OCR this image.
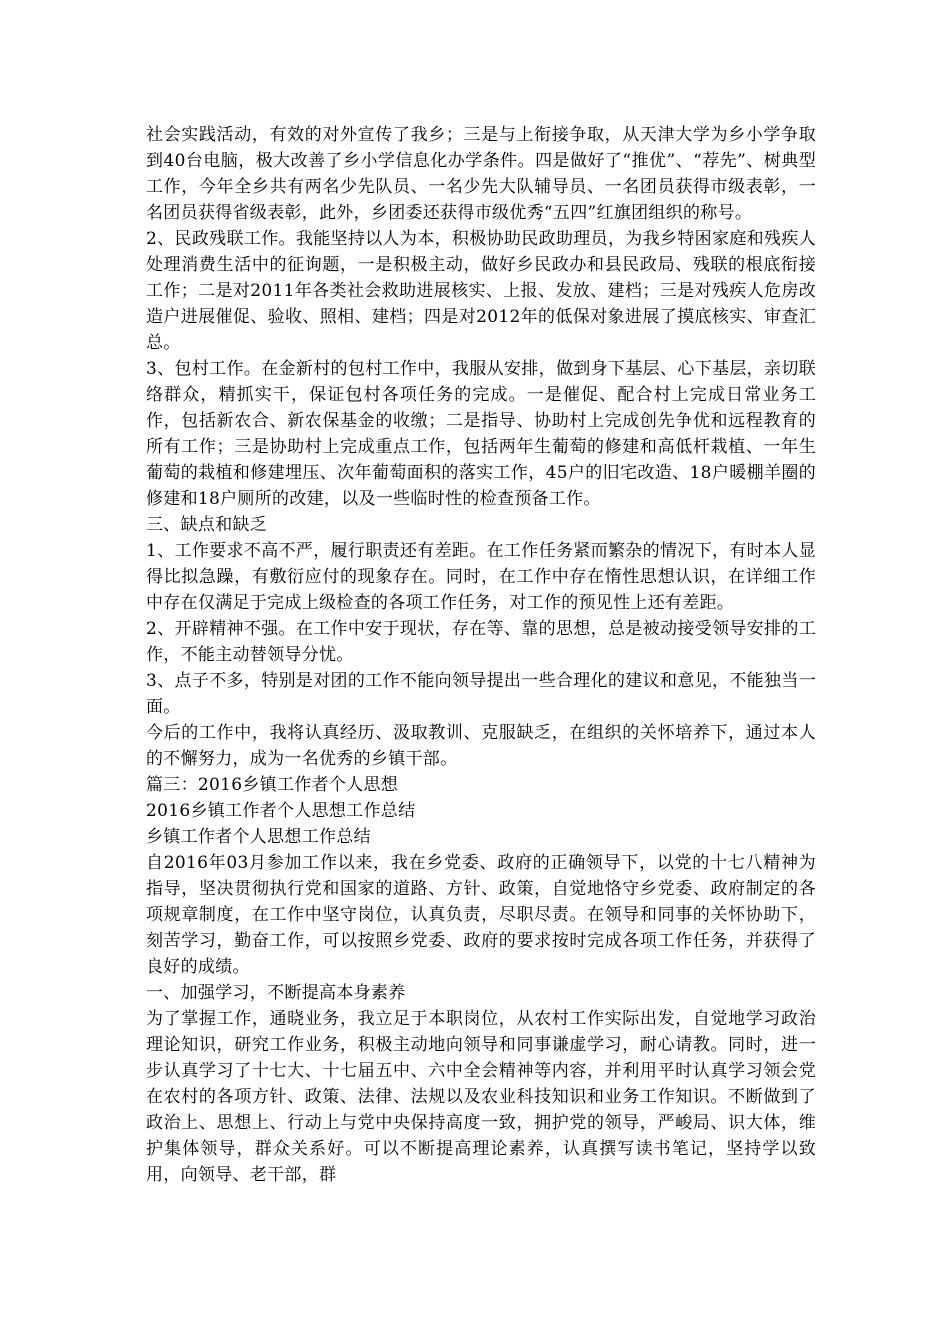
社会实践活动，有效的对外宣传了我乡；三是与上衔接争取，从天津大学为乡小学争取到40台电脑，极大改善了乡小学信息化办学条件。四是做好了“推优”、“荐先”、树典型工作，今年全乡共有两名少先队员、一名少先大队辅导员、一名团员获得市级表彰，一名团员获得省级表彰，此外，乡团委还获得市级优秀“五四”红旗团组织的称号。

2、民政残联工作。我能坚持以人为本，积极协助民政助理员，为我乡特困家庭和残疾人处理消费生活中的征询题，一是积极主动，做好乡民政办和县民政局、残联的根底衔接工作；二是对2011年各类社会救助进展核实、上报、发放、建档；三是对残疾人危房改造户进展催促、验收、照相、建档；四是对2012年的低保对象进展了摸底核实、审查汇总。

3、包村工作。在金新村的包村工作中，我服从安排，做到身下基层、心下基层，亲切联络群众，精抓实干，保证包村各项任务的完成。一是催促、配合村上完成日常业务工作，包括新农合、新农保基金的收缴；二是指导、协助村上完成创先争优和远程教育的所有工作；三是协助村上完成重点工作，包括两年生葡萄的修建和高低杆栽植、一年生葡萄的栽植和修建埋压、次年葡萄面积的落实工作，45户的旧宅改造、18户暖棚羊圈的修建和18户厕所的改建，以及一些临时性的检查预备工作。

三、缺点和缺乏

1、工作要求不高不严，履行职责还有差距。在工作任务紧而繁杂的情况下，有时本人显得比拟急躁，有敷衍应付的现象存在。同时，在工作中存在惰性思想认识，在详细工作中存在仅满足于完成上级检查的各项工作任务，对工作的预见性上还有差距。

2、开辟精神不强。在工作中安于现状，存在等、靠的思想，总是被动接受领导安排的工作，不能主动替领导分忧。

3、点子不多，特别是对团的工作不能向领导提出一些合理化的建议和意见，不能独当一面。

今后的工作中，我将认真经历、汲取教训、克服缺乏，在组织的关怀培养下，通过本人的不懈努力，成为一名优秀的乡镇干部。

篇三：2016乡镇工作者个人思想

2016乡镇工作者个人思想工作总结

乡镇工作者个人思想工作总结

自2016年03月参加工作以来，我在乡党委、政府的正确领导下，以党的十七八精神为指导，坚决贯彻执行党和国家的道路、方针、政策，自觉地恪守乡党委、政府制定的各项规章制度，在工作中坚守岗位，认真负责，尽职尽责。在领导和同事的关怀协助下，刻苦学习，勤奋工作，可以按照乡党委、政府的要求按时完成各项工作任务，并获得了良好的成绩。

一、加强学习，不断提高本身素养

为了掌握工作，通晓业务，我立足于本职岗位，从农村工作实际出发，自觉地学习政治理论知识，研究工作业务，积极主动地向领导和同事谦虚学习，耐心请教。同时，进一步认真学习了十七大、十七届五中、六中全会精神等内容，并利用平时认真学习领会党在农村的各项方针、政策、法律、法规以及农业科技知识和业务工作知识。不断做到了政治上、思想上、行动上与党中央保持高度一致，拥护党的领导，严峻局、识大体，维护集体领导，群众关系好。可以不断提高理论素养，认真撰写读书笔记，坚持学以致用，向领导、老干部，群
